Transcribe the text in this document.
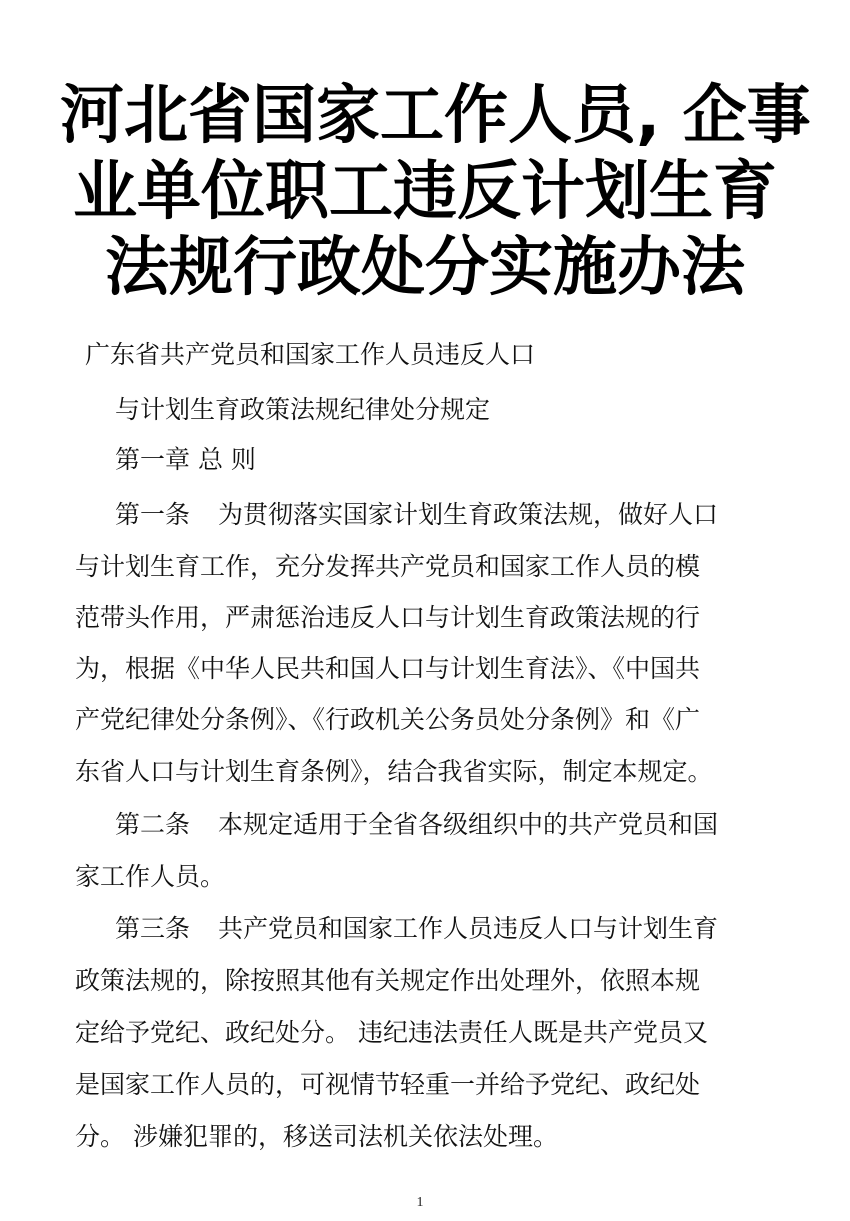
河北省国家工作人员, 企事
业单位职工违反计划生育
法规行政处分实施办法
广东省共产党员和国家工作人员违反人口
与计划生育政策法规纪律处分规定
第一章 总 则
第一条 为贯彻落实国家计划生育政策法规，做好人口
与计划生育工作，充分发挥共产党员和国家工作人员的模
范带头作用，严肃惩治违反人口与计划生育政策法规的行
为，根据《中华人民共和国人口与计划生育法》、《中国共
产党纪律处分条例》、《行政机关公务员处分条例》和《广
东省人口与计划生育条例》，结合我省实际，制定本规定。
第二条 本规定适用于全省各级组织中的共产党员和国
家工作人员。
第三条 共产党员和国家工作人员违反人口与计划生育
政策法规的，除按照其他有关规定作出处理外，依照本规
定给予党纪、政纪处分。 违纪违法责任人既是共产党员又
是国家工作人员的，可视情节轻重一并给予党纪、政纪处
分。 涉嫌犯罪的，移送司法机关依法处理。
1
